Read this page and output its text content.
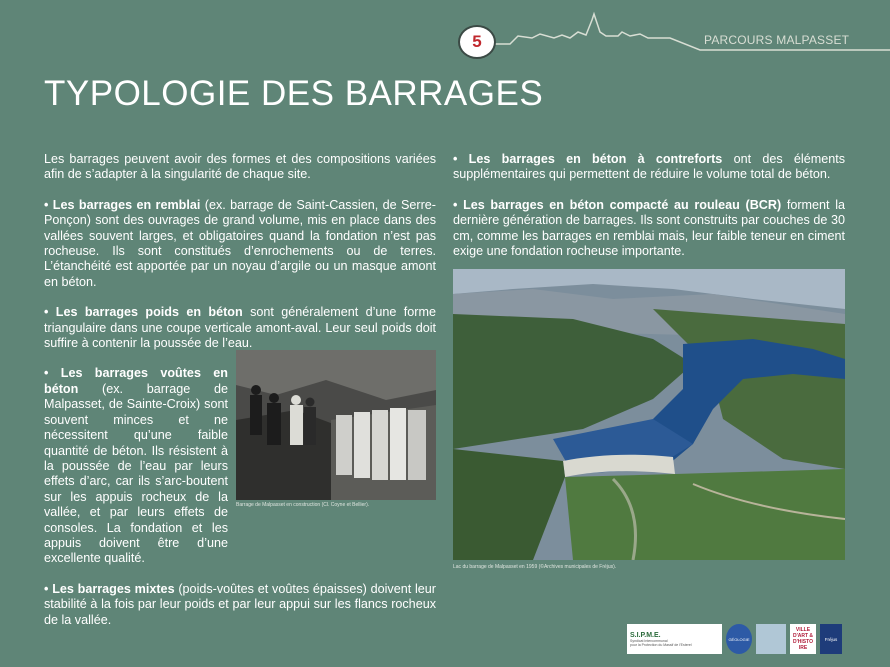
5	PARCOURS MALPASSET
TYPOLOGIE DES BARRAGES

Les barrages peuvent avoir des formes et des compositions variées afin de s’adapter à la singularité de chaque site.

• Les barrages en remblai (ex. barrage de Saint-Cassien, de Serre-Ponçon) sont des ouvrages de grand volume, mis en place dans des vallées souvent larges, et obligatoires quand la fondation n’est pas rocheuse. Ils sont constitués d’enrochements ou de terres. L’étanchéité est apportée par un noyau d’argile ou un masque amont en béton.

• Les barrages poids en béton sont généralement d’une forme triangulaire dans une coupe verticale amont-aval. Leur seul poids doit suffire à contenir la poussée de l’eau.

• Les barrages voûtes en béton (ex. barrage de Malpasset, de Sainte-Croix) sont souvent minces et ne nécessitent qu’une faible quantité de béton. Ils résistent à la poussée de l’eau par leurs effets d’arc, car ils s’arc-boutent sur les appuis rocheux de la vallée, et par leurs effets de consoles. La fondation et les appuis doivent être d’une excellente qualité.

• Les barrages mixtes (poids-voûtes et voûtes épaisses) doivent leur stabilité à la fois par leur poids et par leur appui sur les flancs rocheux de la vallée.

Barrage de Malpasset en construction (Cl. Coyne et Bellier).

• Les barrages en béton à contreforts ont des éléments supplémentaires qui permettent de réduire le volume total de béton.

• Les barrages en béton compacté au rouleau (BCR) forment la dernière génération de barrages. Ils sont construits par couches de 30 cm, comme les barrages en remblai mais, leur faible teneur en ciment exige une fondation rocheuse importante.

Lac du barrage de Malpasset en 1959 (©Archives municipales de Fréjus).
S.I.P.M.E.
Syndicat Intercommunal
pour la Protection du Massif de l'Esterel
GÉOLOGIE
VILLE
D'ART &
D'HISTO
IRE
Fréjus
